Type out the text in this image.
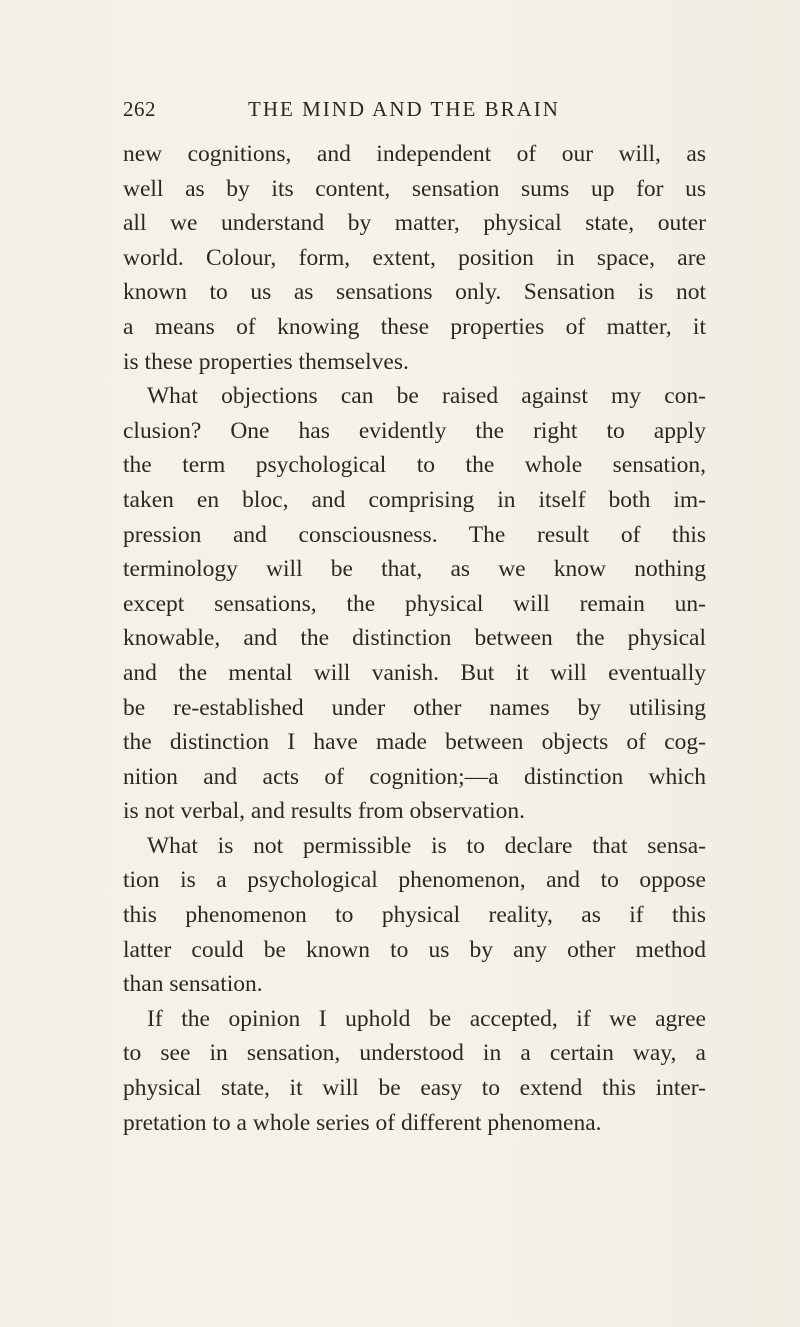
262	THE MIND AND THE BRAIN
new cognitions, and independent of our will, as
well as by its content, sensation sums up for us
all we understand by matter, physical state, outer
world. Colour, form, extent, position in space, are
known to us as sensations only. Sensation is not
a means of knowing these properties of matter, it
is these properties themselves.
What objections can be raised against my con-
clusion? One has evidently the right to apply
the term psychological to the whole sensation,
taken en bloc, and comprising in itself both im-
pression and consciousness. The result of this
terminology will be that, as we know nothing
except sensations, the physical will remain un-
knowable, and the distinction between the physical
and the mental will vanish. But it will eventually
be re-established under other names by utilising
the distinction I have made between objects of cog-
nition and acts of cognition;—a distinction which
is not verbal, and results from observation.
What is not permissible is to declare that sensa-
tion is a psychological phenomenon, and to oppose
this phenomenon to physical reality, as if this
latter could be known to us by any other method
than sensation.
If the opinion I uphold be accepted, if we agree
to see in sensation, understood in a certain way, a
physical state, it will be easy to extend this inter-
pretation to a whole series of different phenomena.
